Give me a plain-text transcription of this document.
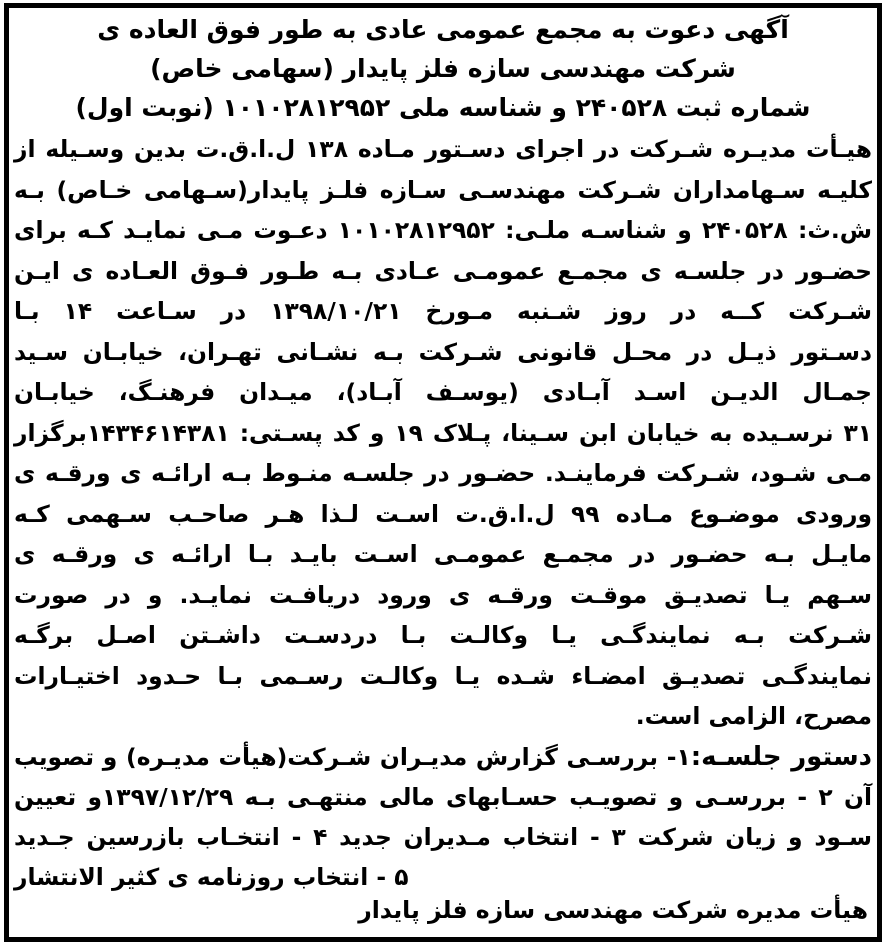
آگهی دعوت به مجمع عمومی عادی به طور فوق العاده ی
شرکت مهندسی سازه فلز پایدار (سهامی خاص)
شماره ثبت ۲۴۰۵۲۸ و شناسه ملی ۱۰۱۰۲۸۱۲۹۵۲ (نوبت اول)
هیـأت مدیـره شـرکت در اجرای دسـتور مـاده ۱۳۸ ل.ا.ق.ت بدین وسـیله از
کلیـه سـهامداران شـرکت مهندسـی سـازه فلـز پایدار(سـهامی خـاص) بـه
ش.ث: ۲۴۰۵۲۸ و شناسـه ملـی: ۱۰۱۰۲۸۱۲۹۵۲ دعـوت مـی نمایـد کـه برای
حضـور در جلسـه ی مجمـع عمومـی عـادی بـه طـور فـوق العـاده ی ایـن
شـرکت کــه در روز شـنبه مـورخ ۱۳۹۸/۱۰/۲۱ در سـاعت ۱۴ بـا
دسـتور ذیـل در محـل قانونی شـرکت بـه نشـانی تهـران، خیابـان سـید
جمـال الدیـن اسـد آبـادی (یوسـف آبـاد)، میـدان فرهنـگ، خیابـان
۳۱ نرسـیده به خیابان ابن سـینا، پـلاک ۱۹ و کد پسـتی: ۱۴۳۴۶۱۴۳۸۱برگزار
مـی شـود، شـرکت فرماینـد. حضـور در جلسـه منـوط بـه ارائـه ی ورقـه ی
ورودی موضـوع مـاده ۹۹ ل.ا.ق.ت اسـت لـذا هـر صاحـب سـهمی کـه
مایـل بـه حضـور در مجمـع عمومـی اسـت بایـد بـا ارائـه ی ورقـه ی
سـهم یـا تصدیـق موقـت ورقـه ی ورود دریافـت نمایـد. و در صورت
شـرکت بـه نمایندگـی یـا وکالـت بـا دردسـت داشـتن اصـل برگـه
نمایندگـی تصدیـق امضـاء شـده یـا وکالـت رسـمی بـا حـدود اختیـارات
مصرح، الزامی است.
دستور جلسـه:۱- بررسـی گزارش مدیـران شـرکت(هیأت مدیـره) و تصویب
آن ۲ - بررسـی و تصویـب حسـابهای مالی منتهـی بـه ۱۳۹۷/۱۲/۲۹و تعیین
سـود و زیان شرکت ۳ - انتخاب مـدیران جدید ۴ - انتخـاب بازرسین جـدید
۵ - انتخاب روزنامه ی کثیر الانتشار
هیأت مدیره شرکت مهندسی سازه فلز پایدار
